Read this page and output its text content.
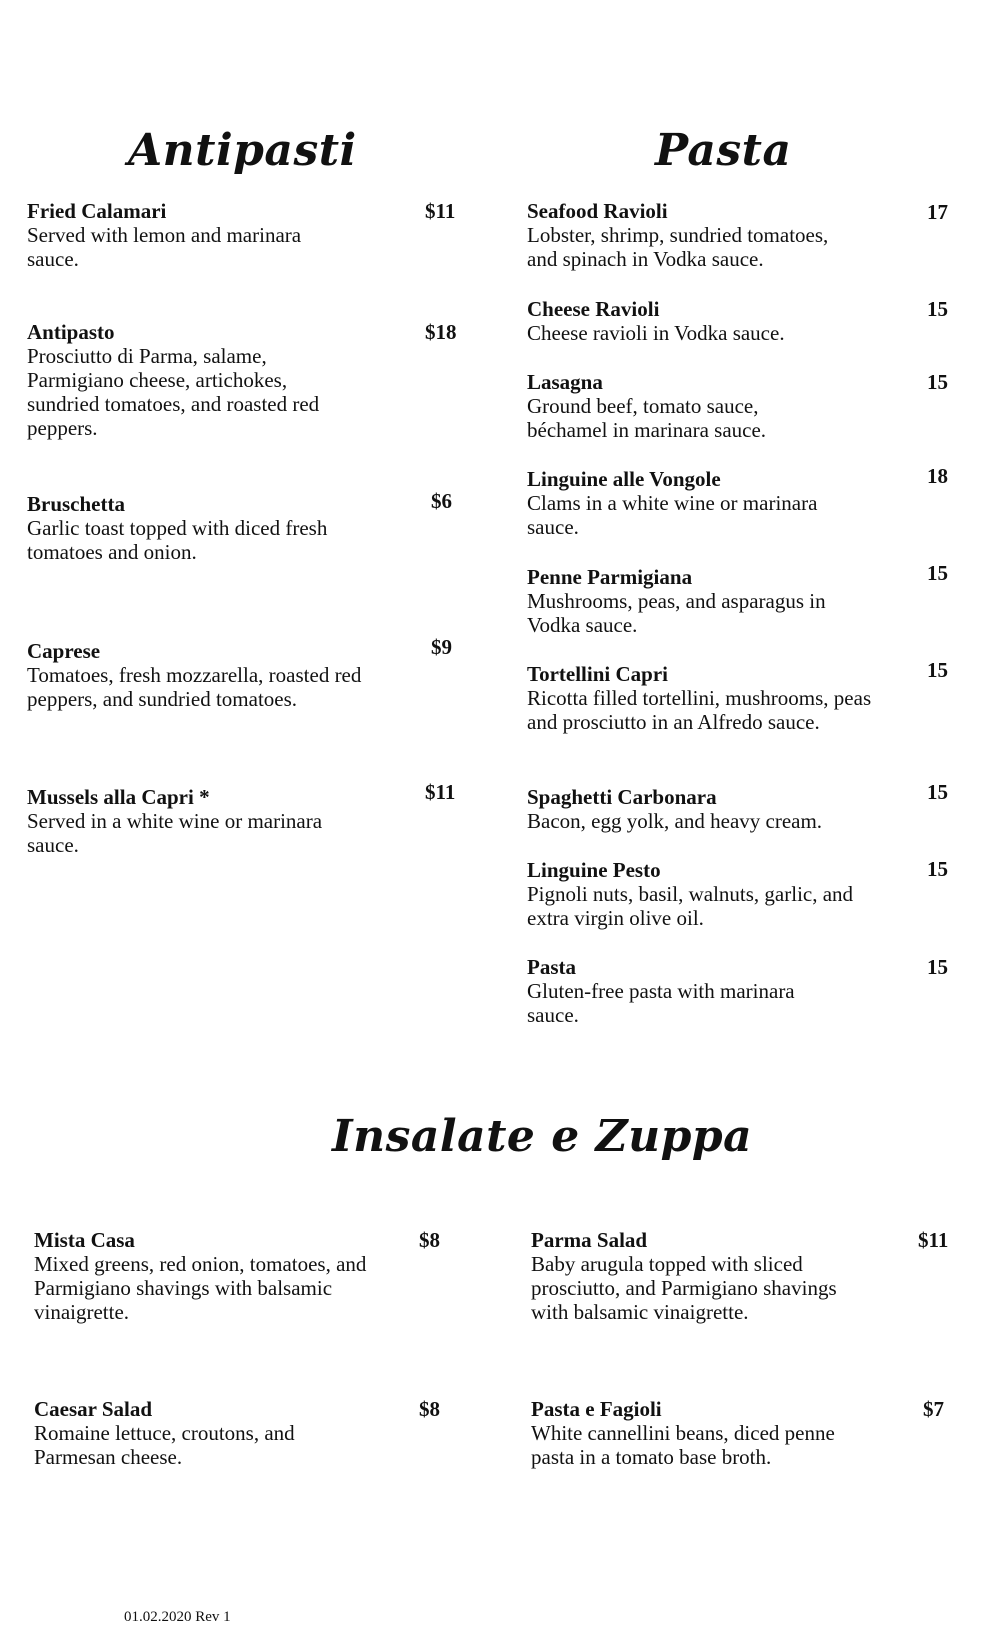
Antipasti
Fried Calamari
Served with lemon and marinara sauce.
$11
Antipasto
Prosciutto di Parma, salame, Parmigiano cheese, artichokes, sundried tomatoes, and roasted red peppers.
$18
Bruschetta
Garlic toast topped with diced fresh tomatoes and onion.
$6
Caprese
Tomatoes, fresh mozzarella, roasted red peppers, and sundried tomatoes.
$9
Mussels alla Capri *
Served in a white wine or marinara sauce.
$11
Pasta
Seafood Ravioli
Lobster, shrimp, sundried tomatoes, and spinach in Vodka sauce.
17
Cheese Ravioli
Cheese ravioli in Vodka sauce.
15
Lasagna
Ground beef, tomato sauce, béchamel in marinara sauce.
15
Linguine alle Vongole
Clams in a white wine or marinara sauce.
18
Penne Parmigiana
Mushrooms, peas, and asparagus in Vodka sauce.
15
Tortellini Capri
Ricotta filled tortellini, mushrooms, peas and prosciutto in an Alfredo sauce.
15
Spaghetti Carbonara
Bacon, egg yolk, and heavy cream.
15
Linguine Pesto
Pignoli nuts, basil, walnuts, garlic, and extra virgin olive oil.
15
Pasta
Gluten-free pasta with marinara sauce.
15
Insalate e Zuppa
Mista Casa
Mixed greens, red onion, tomatoes, and Parmigiano shavings with balsamic vinaigrette.
$8	Parma Salad
Baby arugula topped with sliced prosciutto, and Parmigiano shavings with balsamic vinaigrette.
$11
Caesar Salad
Romaine lettuce, croutons, and Parmesan cheese.
$8	Pasta e Fagioli
White cannellini beans, diced penne pasta in a tomato base broth.
$7
01.02.2020 Rev 1
